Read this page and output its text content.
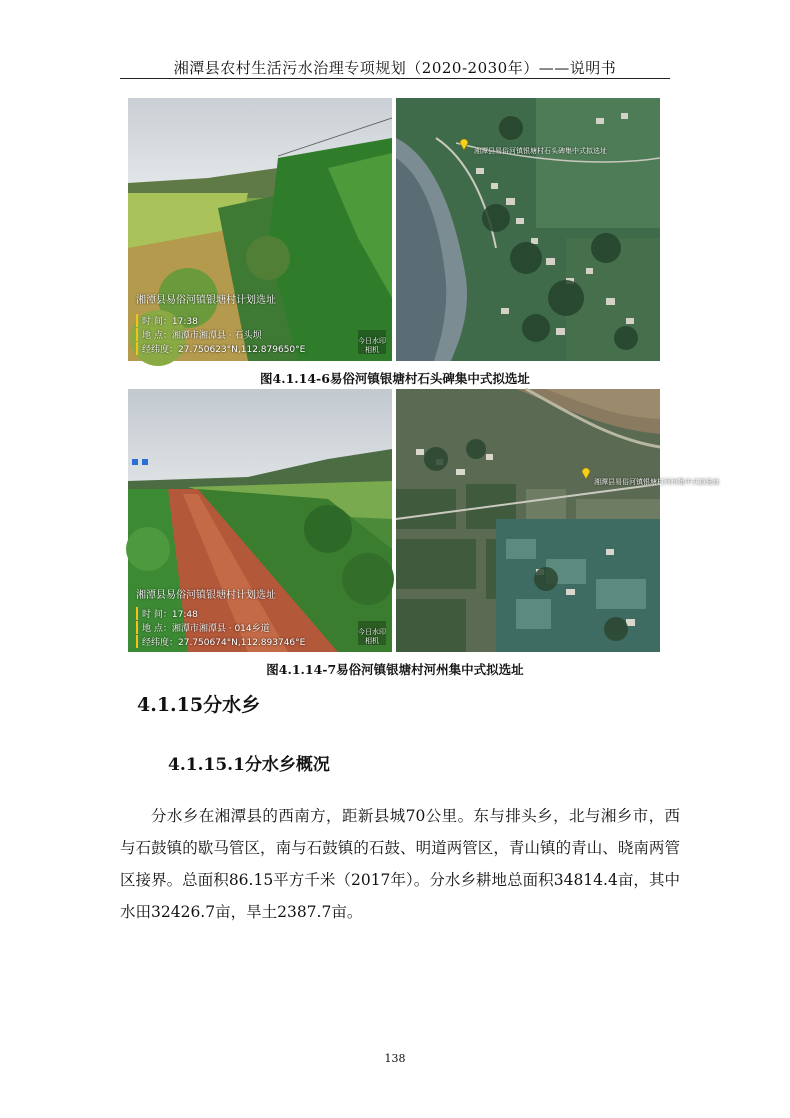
湘潭县农村生活污水治理专项规划（2020-2030年）——说明书
湘潭县易俗河镇银塘村计划选址
时 间：17:38
地 点：湘潭市湘潭县 · 石头坝
经纬度：27.750623°N,112.879650°E
今日水印
相机
湘潭县易俗河镇银塘村石头碑集中式拟选址
图4.1.14-6易俗河镇银塘村石头碑集中式拟选址
湘潭县易俗河镇银塘村计划选址
时 间：17:48
地 点：湘潭市湘潭县 · 014乡道
经纬度：27.750674°N,112.893746°E
今日水印
相机
湘潭县易俗河镇银塘村河州集中式拟选址
图4.1.14-7易俗河镇银塘村河州集中式拟选址
4.1.15分水乡
4.1.15.1分水乡概况

分水乡在湘潭县的西南方，距新县城70公里。东与排头乡，北与湘乡市，西与石鼓镇的歇马管区，南与石鼓镇的石鼓、明道两管区，青山镇的青山、晓南两管区接界。总面积86.15平方千米（2017年）。分水乡耕地总面积34814.4亩，其中水田32426.7亩，旱土2387.7亩。

138
